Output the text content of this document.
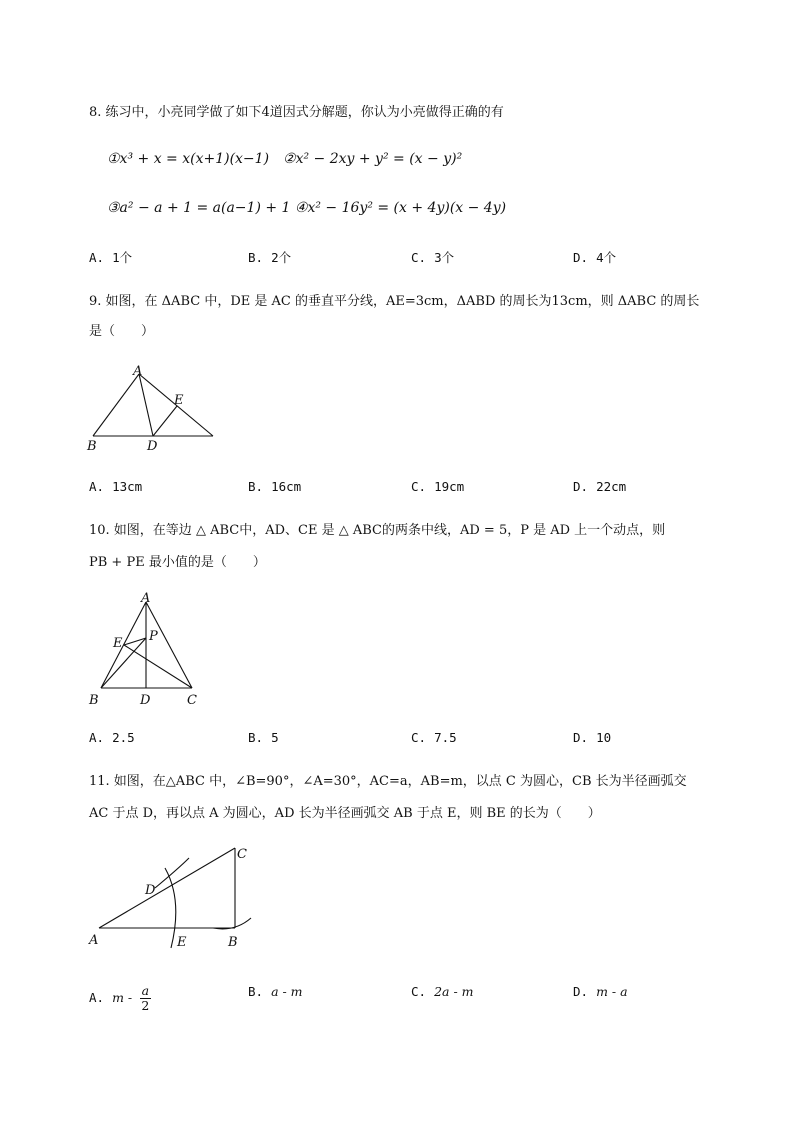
8. 练习中，小亮同学做了如下4道因式分解题，你认为小亮做得正确的有
①x³ + x = x(x+1)(x−1)　②x² − 2xy + y² = (x − y)²
③a² − a + 1 = a(a−1) + 1 ④x² − 16y² = (x + 4y)(x − 4y)
A. 1个	B. 2个	C. 3个	D. 4个
9. 如图，在 ΔABC 中，DE 是 AC 的垂直平分线，AE=3cm，ΔABD 的周长为13cm，则 ΔABC 的周长
是（　　）
A
E
B	D
A. 13cm	B. 16cm	C. 19cm	D. 22cm
10. 如图，在等边 △ ABC中，AD、CE 是 △ ABC的两条中线，AD = 5，P 是 AD 上一个动点，则
PB + PE 最小值的是（　　）
A
E P
B	D	C
A. 2.5	B. 5	C. 7.5	D. 10
11. 如图，在△ABC 中，∠B=90°，∠A=30°，AC=a，AB=m，以点 C 为圆心，CB 长为半径画弧交
AC 于点 D，再以点 A 为圆心，AD 长为半径画弧交 AB 于点 E，则 BE 的长为（　　）
A
C
D
E	B
A. m - $\frac{a}{2}$	B. a - m	C. 2a - m	D. m - a
